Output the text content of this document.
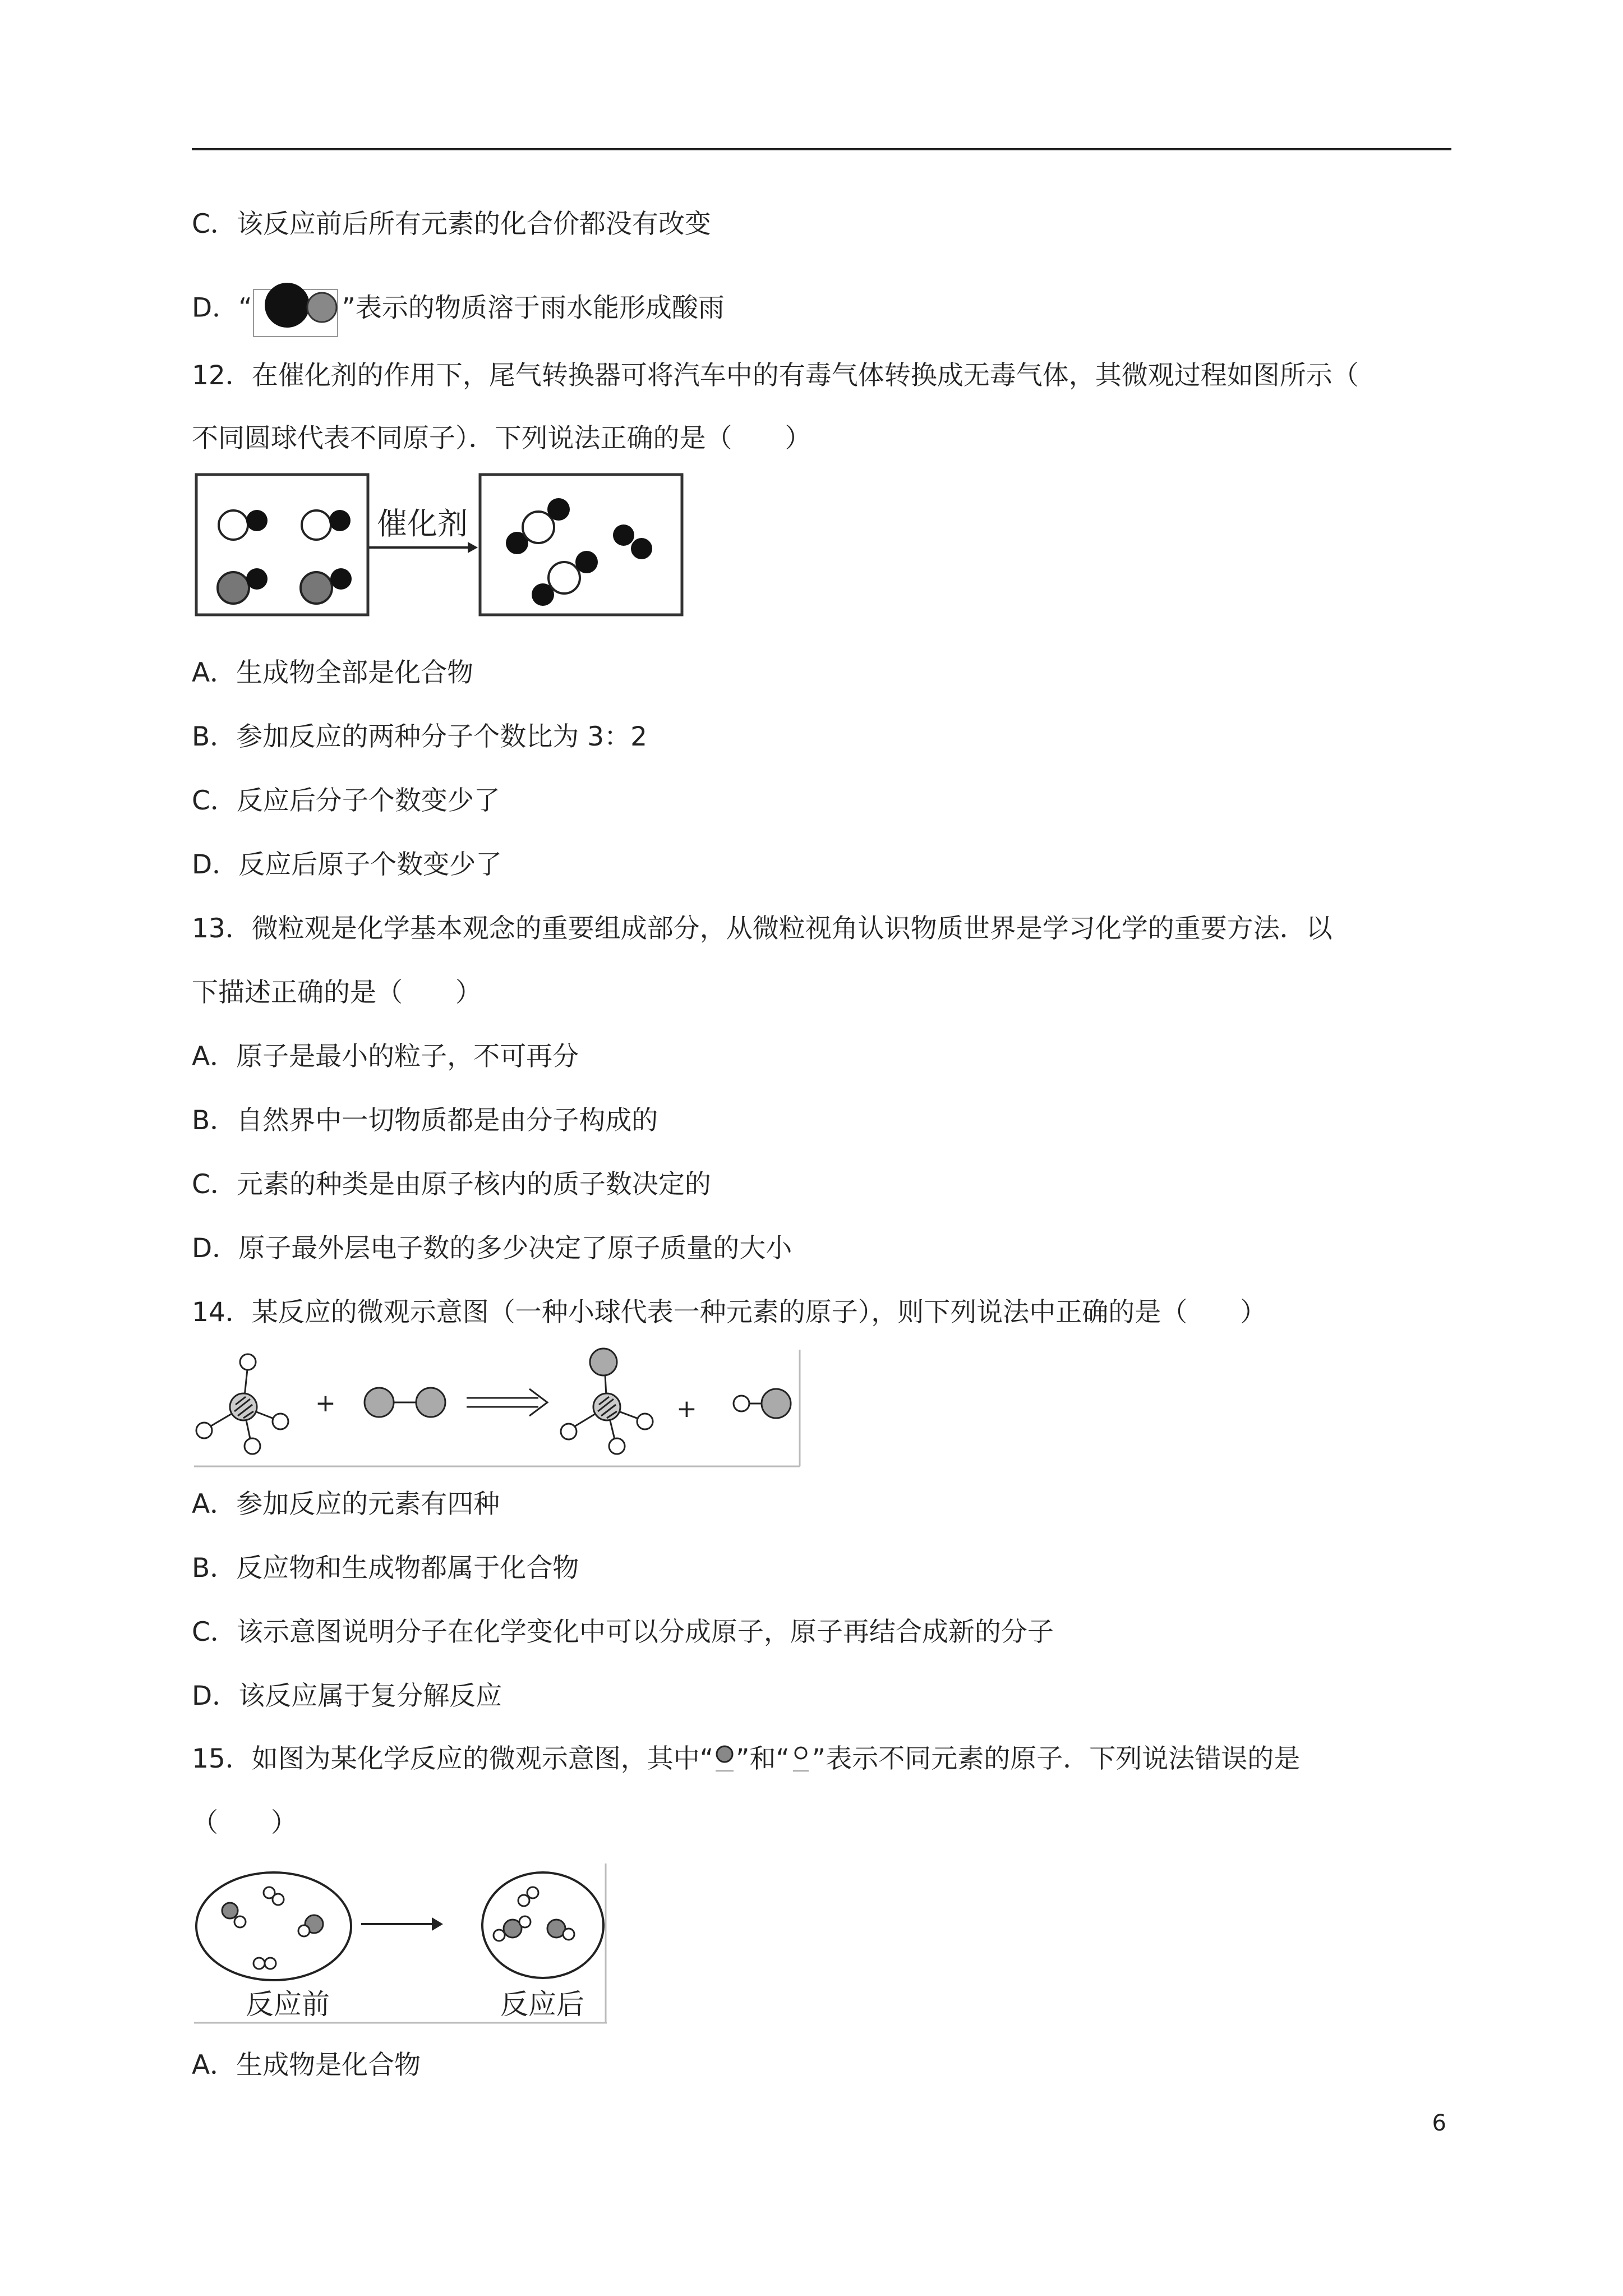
C．该反应前后所有元素的化合价都没有改变
D．“	”表示的物质溶于雨水能形成酸雨
12．在催化剂的作用下，尾气转换器可将汽车中的有毒气体转换成无毒气体，其微观过程如图所示（
不同圆球代表不同原子）．下列说法正确的是（　　）
催化剂
A．生成物全部是化合物
B．参加反应的两种分子个数比为 3：2
C．反应后分子个数变少了
D．反应后原子个数变少了
13．微粒观是化学基本观念的重要组成部分，从微粒视角认识物质世界是学习化学的重要方法．以
下描述正确的是（　　）
A．原子是最小的粒子，不可再分
B．自然界中一切物质都是由分子构成的
C．元素的种类是由原子核内的质子数决定的
D．原子最外层电子数的多少决定了原子质量的大小
14．某反应的微观示意图（一种小球代表一种元素的原子），则下列说法中正确的是（　　）
+	+
A．参加反应的元素有四种
B．反应物和生成物都属于化合物
C．该示意图说明分子在化学变化中可以分成原子，原子再结合成新的分子
D．该反应属于复分解反应
15．如图为某化学反应的微观示意图，其中“ ”和“ ”表示不同元素的原子．下列说法错误的是
（　　）
反应前	反应后
A．生成物是化合物
6
